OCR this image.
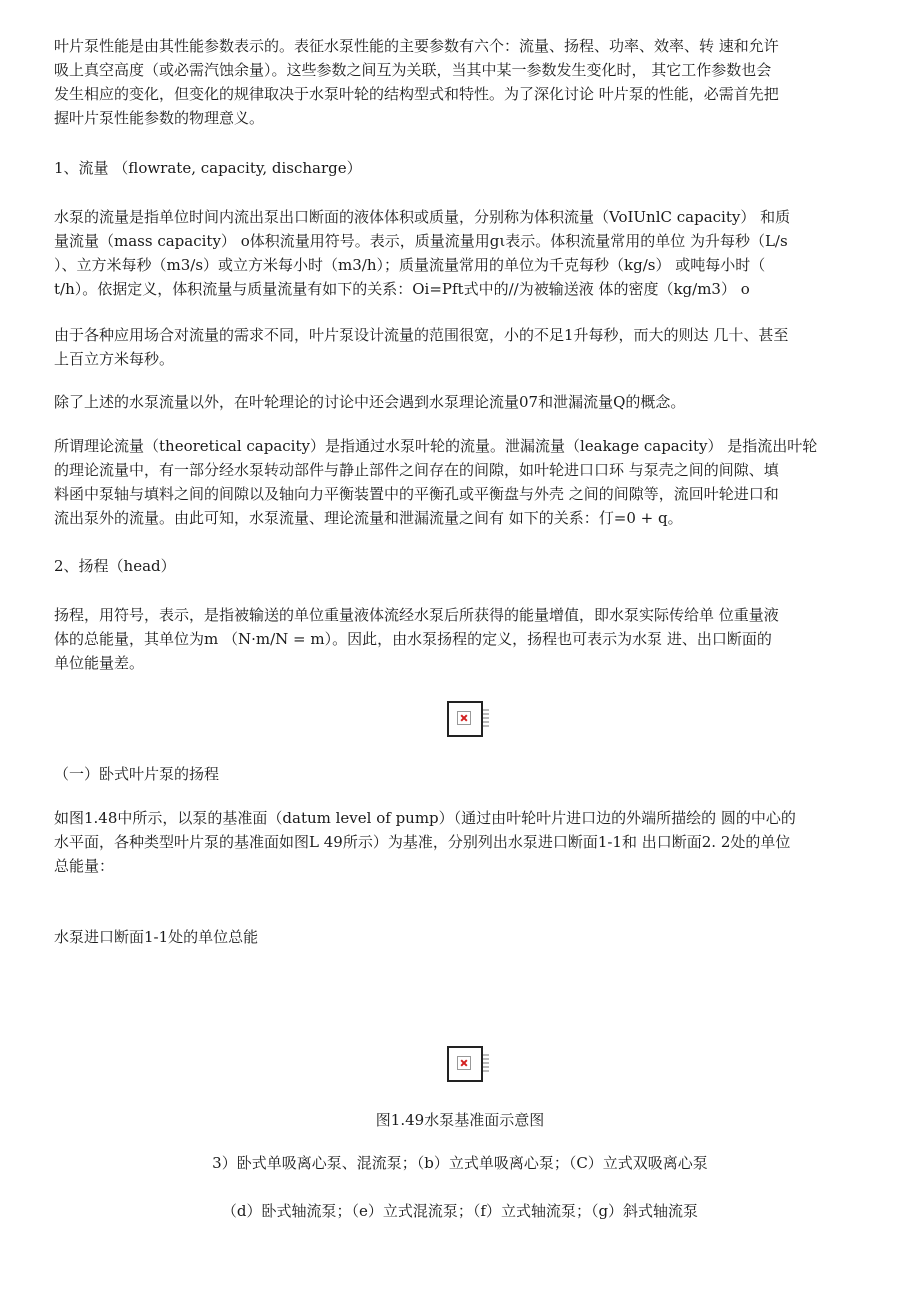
叶片泵性能是由其性能参数表示的。表征水泵性能的主要参数有六个：流量、扬程、功率、效率、转 速和允许
吸上真空高度（或必需汽蚀余量）。这些参数之间互为关联，当其中某一参数发生变化时， 其它工作参数也会
发生相应的变化，但变化的规律取决于水泵叶轮的结构型式和特性。为了深化讨论 叶片泵的性能，必需首先把
握叶片泵性能参数的物理意义。
1、流量 （flowrate, capacity, discharge）
水泵的流量是指单位时间内流出泵出口断面的液体体积或质量，分别称为体积流量（VoIUnlC capacity） 和质
量流量（mass capacity） o体积流量用符号。表示，质量流量用gι表示。体积流量常用的单位 为升每秒（L∕s
）、立方米每秒（m3∕s）或立方米每小时（m3∕h）；质量流量常用的单位为千克每秒（kg∕s） 或吨每小时（
t∕h）。依据定义，体积流量与质量流量有如下的关系：Oi=Pft式中的∕∕为被输送液 体的密度（kg∕m3） o
由于各种应用场合对流量的需求不同，叶片泵设计流量的范围很宽，小的不足1升每秒，而大的则达 几十、甚至
上百立方米每秒。
除了上述的水泵流量以外，在叶轮理论的讨论中还会遇到水泵理论流量07和泄漏流量Q的概念。
所谓理论流量（theoretical capacity）是指通过水泵叶轮的流量。泄漏流量（leakage capacity） 是指流出叶轮
的理论流量中，有一部分经水泵转动部件与静止部件之间存在的间隙，如叶轮进口口环 与泵壳之间的间隙、填
料函中泵轴与填料之间的间隙以及轴向力平衡装置中的平衡孔或平衡盘与外壳 之间的间隙等，流回叶轮进口和
流出泵外的流量。由此可知，水泵流量、理论流量和泄漏流量之间有 如下的关系：仃=0 + q。
2、扬程（head）
扬程，用符号，表示，是指被输送的单位重量液体流经水泵后所获得的能量增值，即水泵实际传给单 位重量液
体的总能量，其单位为m （N·m∕N = m）。因此，由水泵扬程的定义，扬程也可表示为水泵 进、出口断面的
单位能量差。
（一）卧式叶片泵的扬程
如图1.48中所示，以泵的基准面（datum level of pump）（通过由叶轮叶片进口边的外端所描绘的 圆的中心的
水平面，各种类型叶片泵的基准面如图L 49所示）为基准，分别列出水泵进口断面1-1和 出口断面2. 2处的单位
总能量：
水泵进口断面1-1处的单位总能

图1.49水泵基准面示意图

3）卧式单吸离心泵、混流泵；（b）立式单吸离心泵；（C）立式双吸离心泵

（d）卧式轴流泵；（e）立式混流泵；（f）立式轴流泵；（g）斜式轴流泵
